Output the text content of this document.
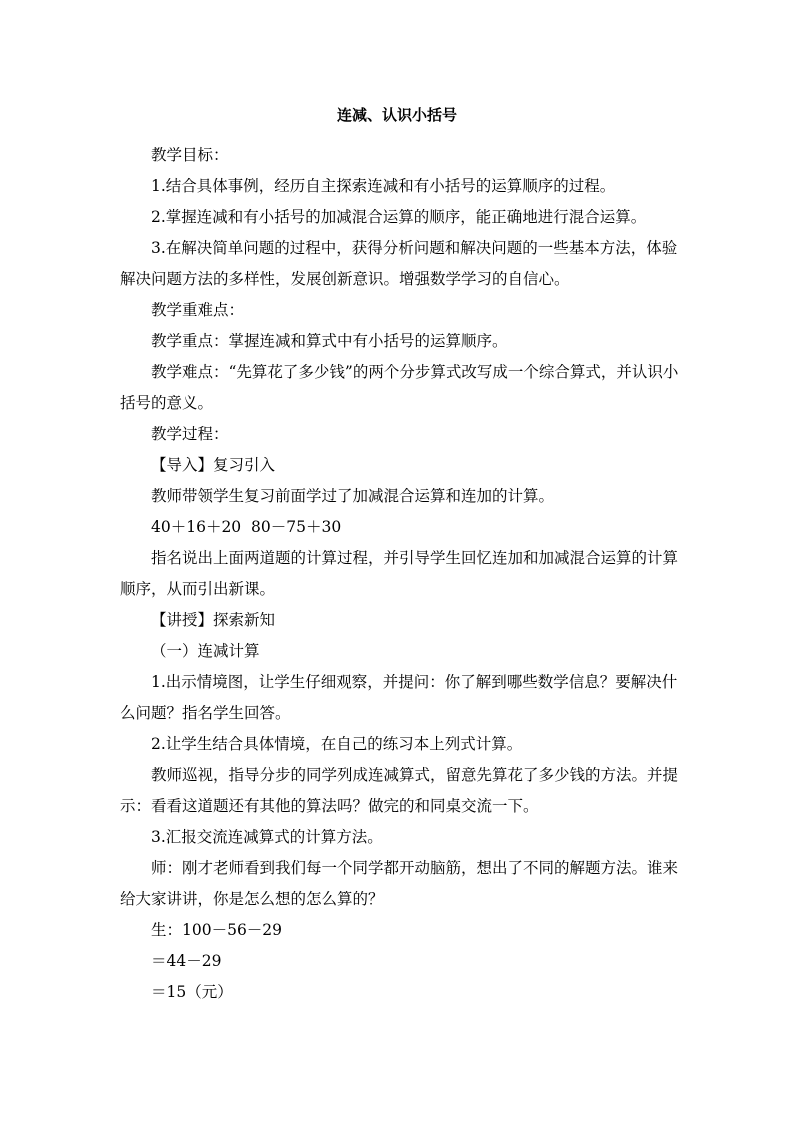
连减、认识小括号

教学目标：

1.结合具体事例，经历自主探索连减和有小括号的运算顺序的过程。

2.掌握连减和有小括号的加减混合运算的顺序，能正确地进行混合运算。

3.在解决简单问题的过程中，获得分析问题和解决问题的一些基本方法，体验解决问题方法的多样性，发展创新意识。增强数学学习的自信心。

教学重难点：

教学重点：掌握连减和算式中有小括号的运算顺序。

教学难点：“先算花了多少钱”的两个分步算式改写成一个综合算式，并认识小括号的意义。

教学过程：

【导入】复习引入

教师带领学生复习前面学过了加减混合运算和连加的计算。

40＋16＋20  80－75＋30

指名说出上面两道题的计算过程，并引导学生回忆连加和加减混合运算的计算顺序，从而引出新课。

【讲授】探索新知

（一）连减计算

1.出示情境图，让学生仔细观察，并提问：你了解到哪些数学信息？要解决什么问题？指名学生回答。

2.让学生结合具体情境，在自己的练习本上列式计算。

教师巡视，指导分步的同学列成连减算式，留意先算花了多少钱的方法。并提示：看看这道题还有其他的算法吗？做完的和同桌交流一下。

3.汇报交流连减算式的计算方法。

师：刚才老师看到我们每一个同学都开动脑筋，想出了不同的解题方法。谁来给大家讲讲，你是怎么想的怎么算的？

生：100－56－29

＝44－29

＝15（元）
